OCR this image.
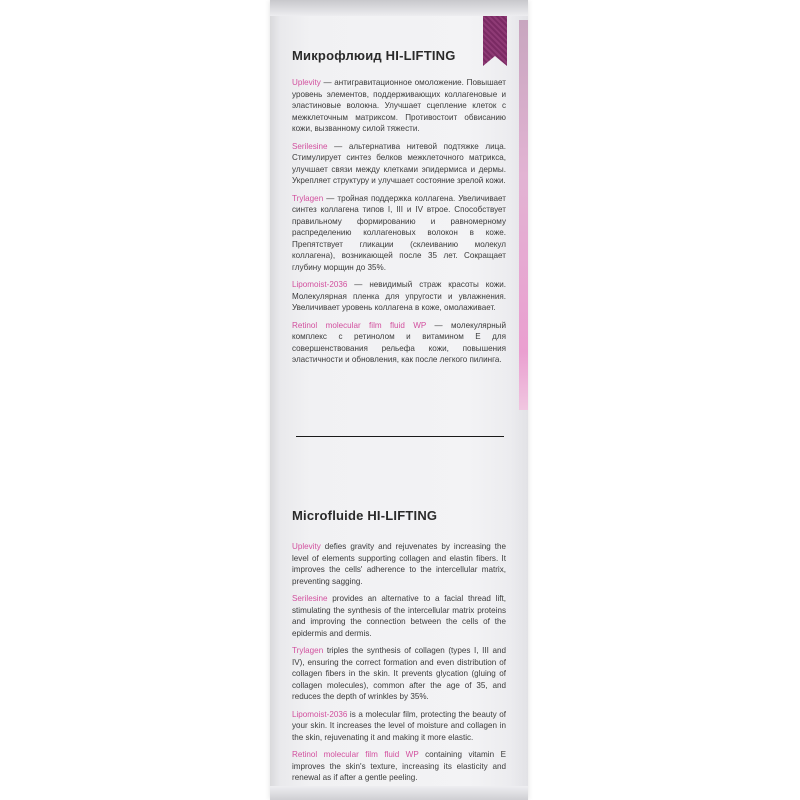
Микрофлюид HI-LIFTING

Uplevity — антигравитационное омоложение. Повышает уровень элементов, поддерживающих коллагеновые и эластиновые волокна. Улучшает сцепление клеток с межклеточным матриксом. Противостоит обвисанию кожи, вызванному силой тяжести.

Serilesine — альтернатива нитевой подтяжке лица. Стимулирует синтез белков межклеточного матрикса, улучшает связи между клетками эпидермиса и дермы. Укрепляет структуру и улучшает состояние зрелой кожи.

Trylagen — тройная поддержка коллагена. Увеличивает синтез коллагена типов I, III и IV втрое. Способствует правильному формированию и равномерному распределению коллагеновых волокон в коже. Препятствует гликации (склеиванию молекул коллагена), возникающей после 35 лет. Сокращает глубину морщин до 35%.

Lipomoist-2036 — невидимый страж красоты кожи. Молекулярная пленка для упругости и увлажнения. Увеличивает уровень коллагена в коже, омолаживает.

Retinol molecular film fluid WP — молекулярный комплекс с ретинолом и витамином Е для совершенствования рельефа кожи, повышения эластичности и обновления, как после легкого пилинга.

Microfluide HI-LIFTING

Uplevity defies gravity and rejuvenates by increasing the level of elements supporting collagen and elastin fibers. It improves the cells' adherence to the intercellular matrix, preventing sagging.

Serilesine provides an alternative to a facial thread lift, stimulating the synthesis of the intercellular matrix proteins and improving the connection between the cells of the epidermis and dermis.

Trylagen triples the synthesis of collagen (types I, III and IV), ensuring the correct formation and even distribution of collagen fibers in the skin. It prevents glycation (gluing of collagen molecules), common after the age of 35, and reduces the depth of wrinkles by 35%.

Lipomoist-2036 is a molecular film, protecting the beauty of your skin. It increases the level of moisture and collagen in the skin, rejuvenating it and making it more elastic.

Retinol molecular film fluid WP containing vitamin E improves the skin's texture, increasing its elasticity and renewal as if after a gentle peeling.
